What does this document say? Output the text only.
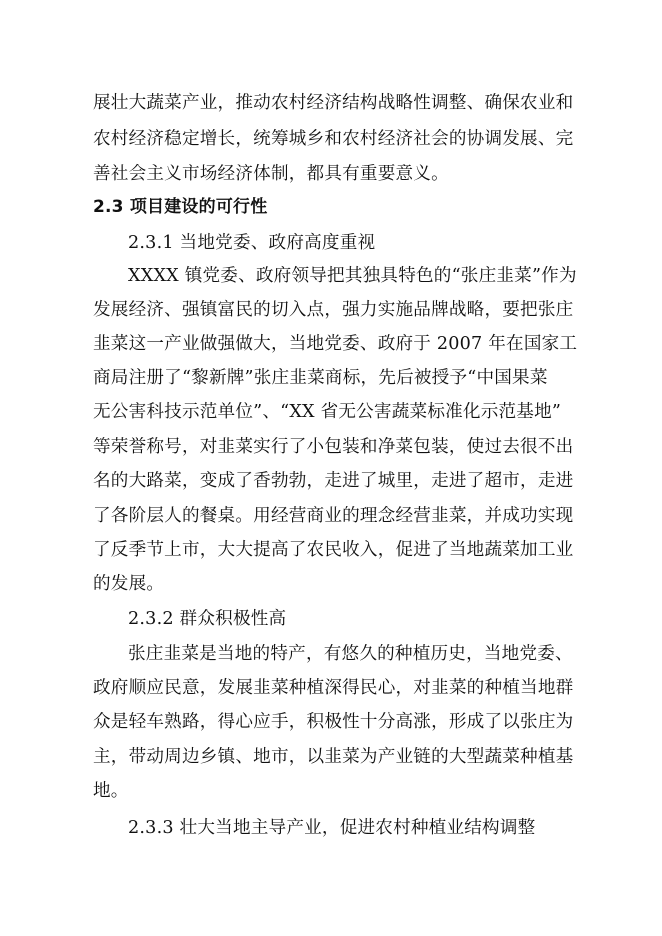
展壮大蔬菜产业，推动农村经济结构战略性调整、确保农业和
农村经济稳定增长，统筹城乡和农村经济社会的协调发展、完
善社会主义市场经济体制，都具有重要意义。
2.3 项目建设的可行性
2.3.1 当地党委、政府高度重视
XXXX 镇党委、政府领导把其独具特色的“张庄韭菜”作为
发展经济、强镇富民的切入点，强力实施品牌战略，要把张庄
韭菜这一产业做强做大，当地党委、政府于 2007 年在国家工
商局注册了“黎新牌”张庄韭菜商标，先后被授予“中国果菜
无公害科技示范单位”、“XX 省无公害蔬菜标准化示范基地”
等荣誉称号，对韭菜实行了小包装和净菜包装，使过去很不出
名的大路菜，变成了香勃勃，走进了城里，走进了超市，走进
了各阶层人的餐桌。用经营商业的理念经营韭菜，并成功实现
了反季节上市，大大提高了农民收入，促进了当地蔬菜加工业
的发展。
2.3.2 群众积极性高
张庄韭菜是当地的特产，有悠久的种植历史，当地党委、
政府顺应民意，发展韭菜种植深得民心，对韭菜的种植当地群
众是轻车熟路，得心应手，积极性十分高涨，形成了以张庄为
主，带动周边乡镇、地市，以韭菜为产业链的大型蔬菜种植基
地。
2.3.3 壮大当地主导产业，促进农村种植业结构调整
